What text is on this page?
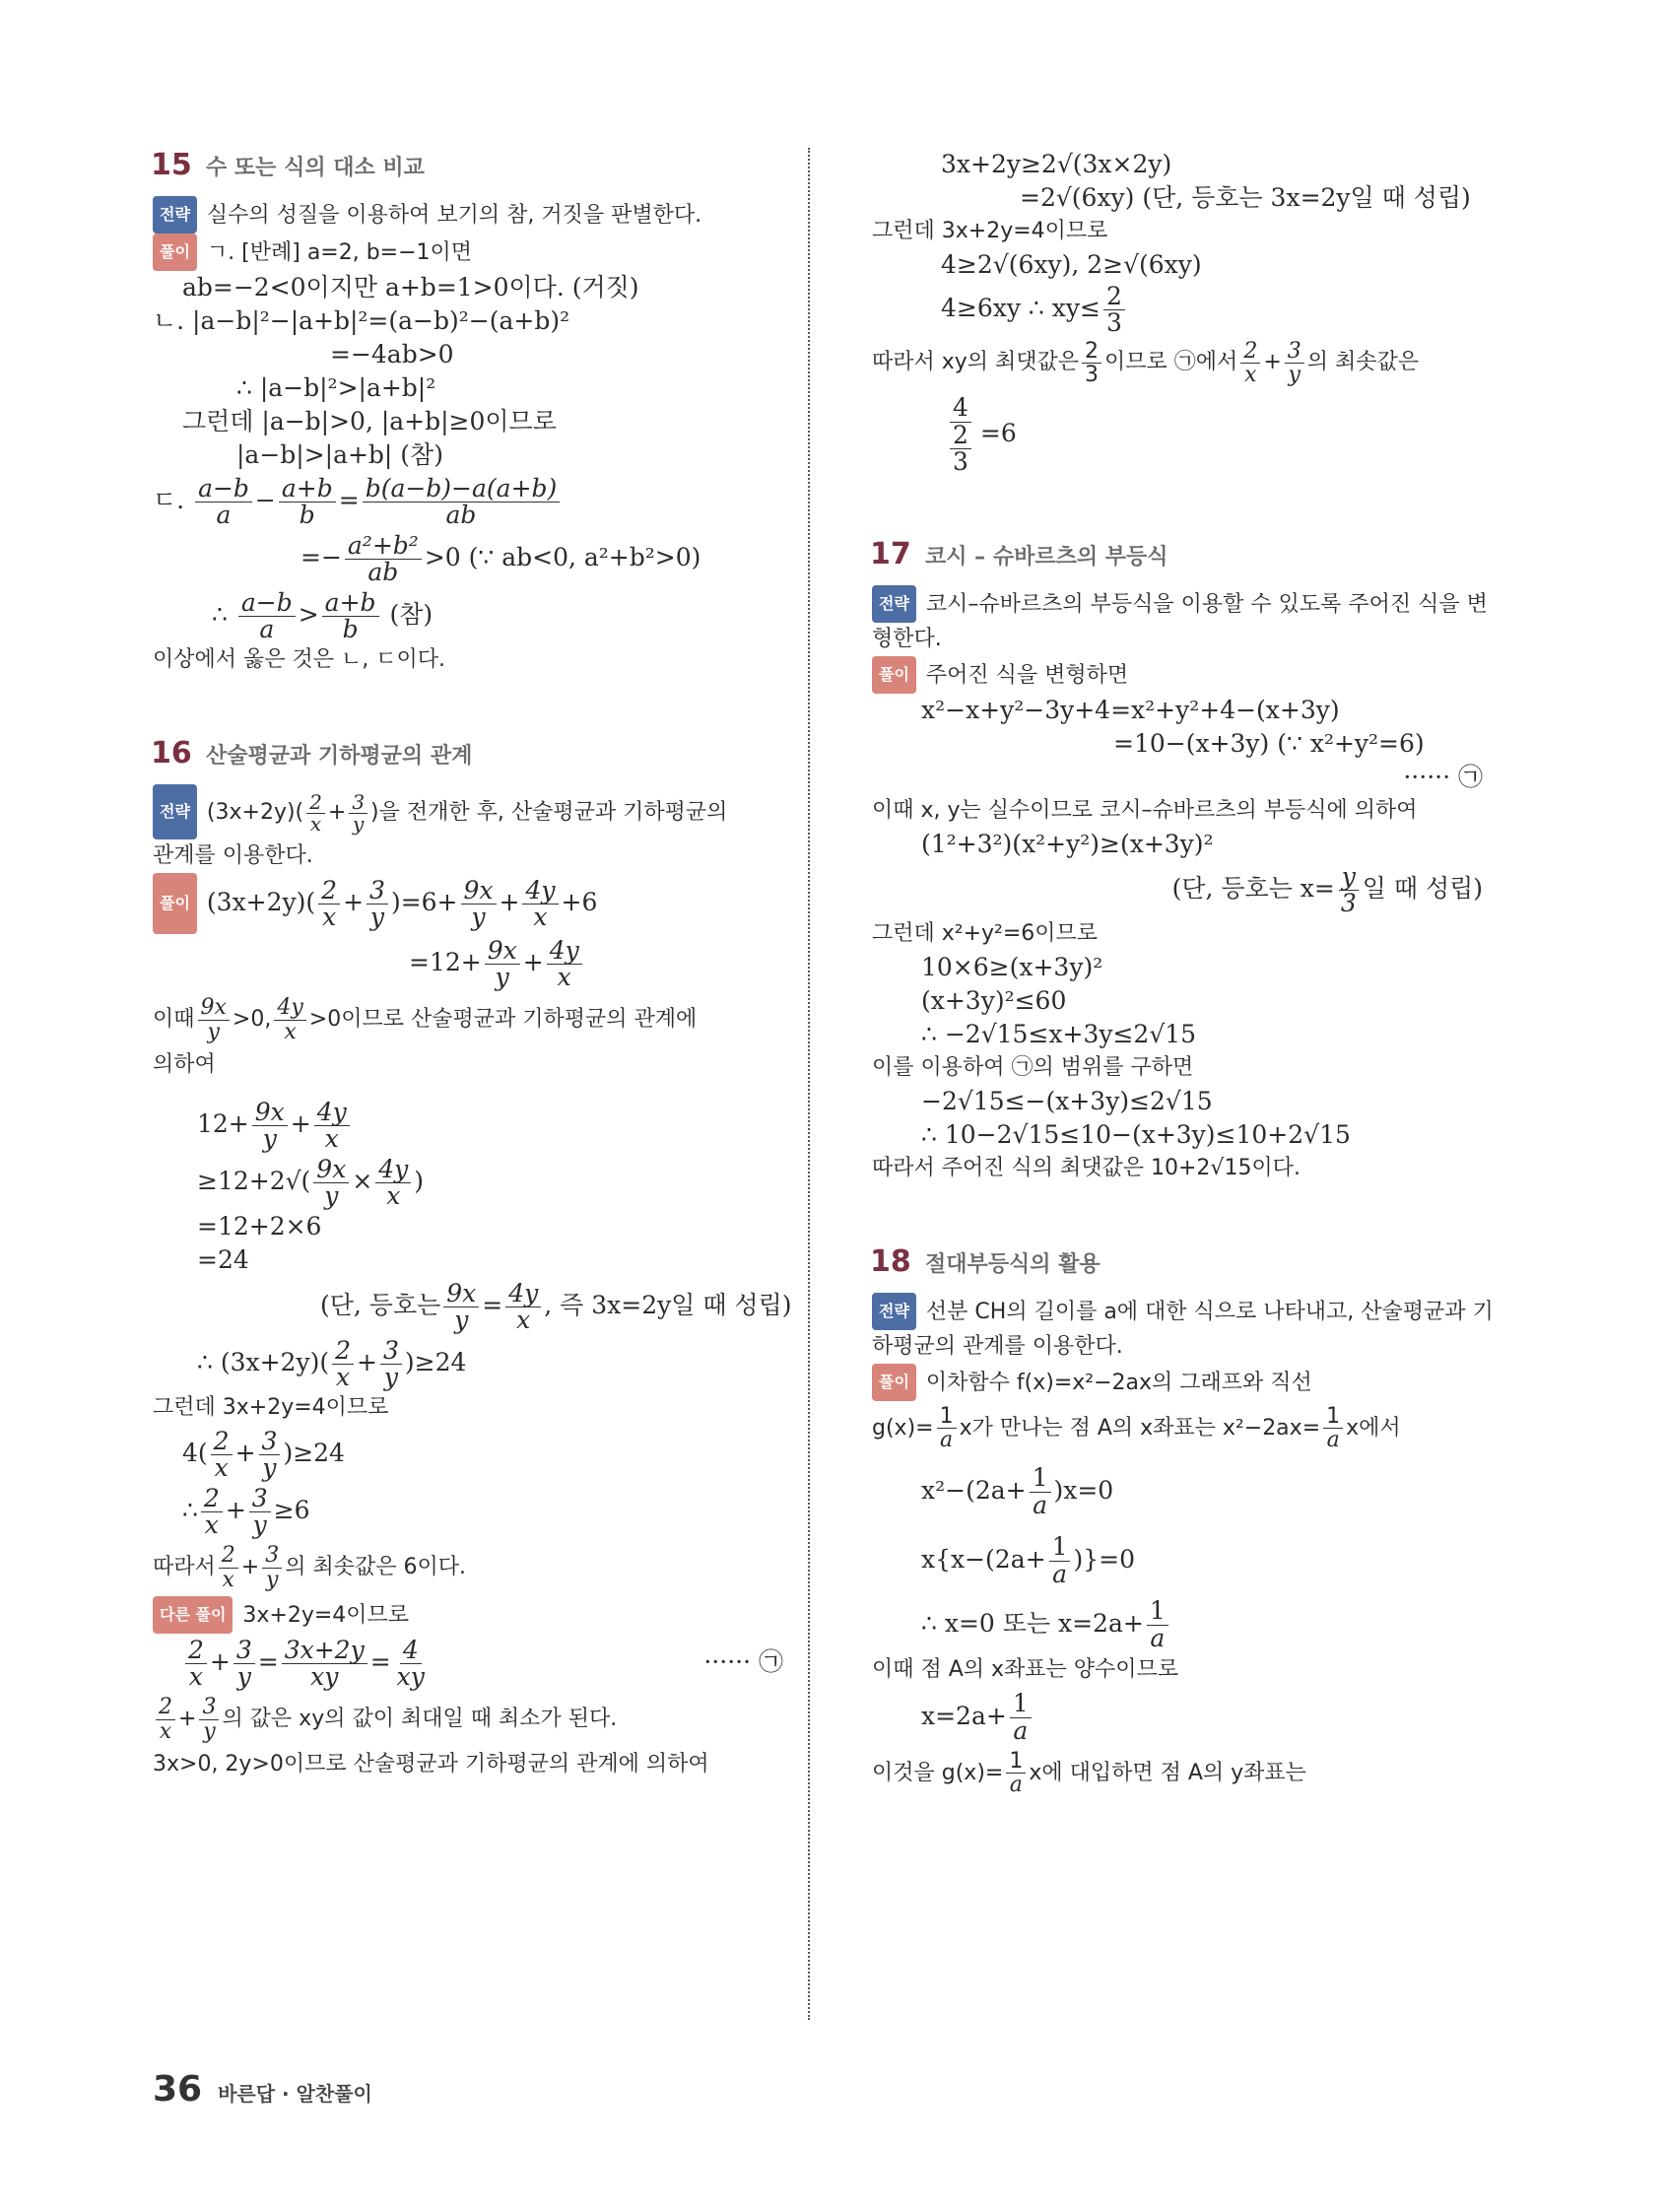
15 수 또는 식의 대소 비교
전략 실수의 성질을 이용하여 보기의 참, 거짓을 판별한다.
풀이 ㄱ. [반례] a=2, b=−1이면
ab=−2<0이지만 a+b=1>0이다. (거짓)
ㄴ. |a−b|²−|a+b|²=(a−b)²−(a+b)²
=−4ab>0
∴ |a−b|²>|a+b|²
그런데 |a−b|>0, |a+b|≥0이므로
|a−b|>|a+b| (참)
ㄷ. $\frac{a-b}{a} - \frac{a+b}{b} = \frac{b(a-b)-a(a+b)}{ab}$
=− $\frac{\text{a²+b²}}{ab} >0$ (∵ ab<0, a²+b²>0)
∴ $\frac{a-b}{a} > \frac{a+b}{b}$ (참)
이상에서 옳은 것은 ㄴ, ㄷ이다.
16 산술평균과 기하평균의 관계
전략 $(3x+2y)( \frac{2}{x} + \frac{3}{y}$ )을 전개한 후, 산술평균과 기하평균의
관계를 이용한다.
풀이 $(3x+2y)( \frac{2}{x} + \frac{3}{y} )=6+ \frac{9x}{y} + \frac{4y}{x} +6$
$=12+ \frac{9x}{y} + \frac{4y}{x}$
이때 $\frac{9x}{y} >0$, $\frac{4y}{x} >0$이므로 산술평균과 기하평균의 관계에
의하여
$12+ \frac{9x}{y} + \frac{4y}{x}$
$\ge 12+2√( \frac{9x}{y} \times \frac{4y}{x}$ )
=12+2×6
=24
(단, 등호는 $\frac{9x}{y} = \frac{4y}{x}$ , 즉 3x=2y일 때 성립)
∴ $(3x+2y)( \frac{2}{x} + \frac{3}{y} )\ge 24$
그런데 3x+2y=4이므로
$4( \frac{2}{x} + \frac{3}{y} )\ge 24$
∴ $\frac{2}{x} + \frac{3}{y} \ge 6$
따라서 $\frac{2}{x} + \frac{3}{y}$ 의 최솟값은 6이다.
다른 풀이 3x+2y=4이므로
$\frac{2}{x} + \frac{3}{y} = \frac{3x+2y}{xy} = \frac{4}{xy}$	······ ㉠
$\frac{2}{x} + \frac{3}{y}$ 의 값은 xy의 값이 최대일 때 최소가 된다.
3x>0, 2y>0이므로 산술평균과 기하평균의 관계에 의하여
3x+2y≥2√(3x×2y)
=2√(6xy) (단, 등호는 3x=2y일 때 성립)
그런데 3x+2y=4이므로
4≥2√(6xy), 2≥√(6xy)
4≥6xy ∴ $xy\le \frac{2}{3}$
따라서 xy의 최댓값은 $\frac{2}{3}$ 이므로 ㉠에서 $\frac{2}{x} + \frac{3}{y}$ 의 최솟값은
$\frac{4}{\frac{2}{3}} =6$
17 코시 – 슈바르츠의 부등식
전략 코시–슈바르츠의 부등식을 이용할 수 있도록 주어진 식을 변
형한다.
풀이 주어진 식을 변형하면
x²−x+y²−3y+4=x²+y²+4−(x+3y)
=10−(x+3y) (∵ x²+y²=6)
······ ㉠
이때 x, y는 실수이므로 코시–슈바르츠의 부등식에 의하여
(1²+3²)(x²+y²)≥(x+3y)²
(단, 등호는 $x= \frac{y}{3}$ 일 때 성립)
그런데 x²+y²=6이므로
10×6≥(x+3y)²
(x+3y)²≤60
∴ −2√15≤x+3y≤2√15
이를 이용하여 ㉠의 범위를 구하면
−2√15≤−(x+3y)≤2√15
∴ 10−2√15≤10−(x+3y)≤10+2√15
따라서 주어진 식의 최댓값은 10+2√15이다.
18 절대부등식의 활용
전략 선분 CH의 길이를 a에 대한 식으로 나타내고, 산술평균과 기
하평균의 관계를 이용한다.
풀이 이차함수 f(x)=x²−2ax의 그래프와 직선
$g(x)= \frac{1}{a}$ x가 만나는 점 A의 x좌표는 $x^2-2ax= \frac{1}{a}$ x에서
$x^2-(2a+ \frac{1}{a} )x=0$
$x\{x-(2a+ \frac{1}{a} )\}=0$
∴ x=0 또는 $x=2a+ \frac{1}{a}$
이때 점 A의 x좌표는 양수이므로
$x=2a+ \frac{1}{a}$
이것을 $g(x)= \frac{1}{a}$ x에 대입하면 점 A의 y좌표는
36 바른답 · 알찬풀이
